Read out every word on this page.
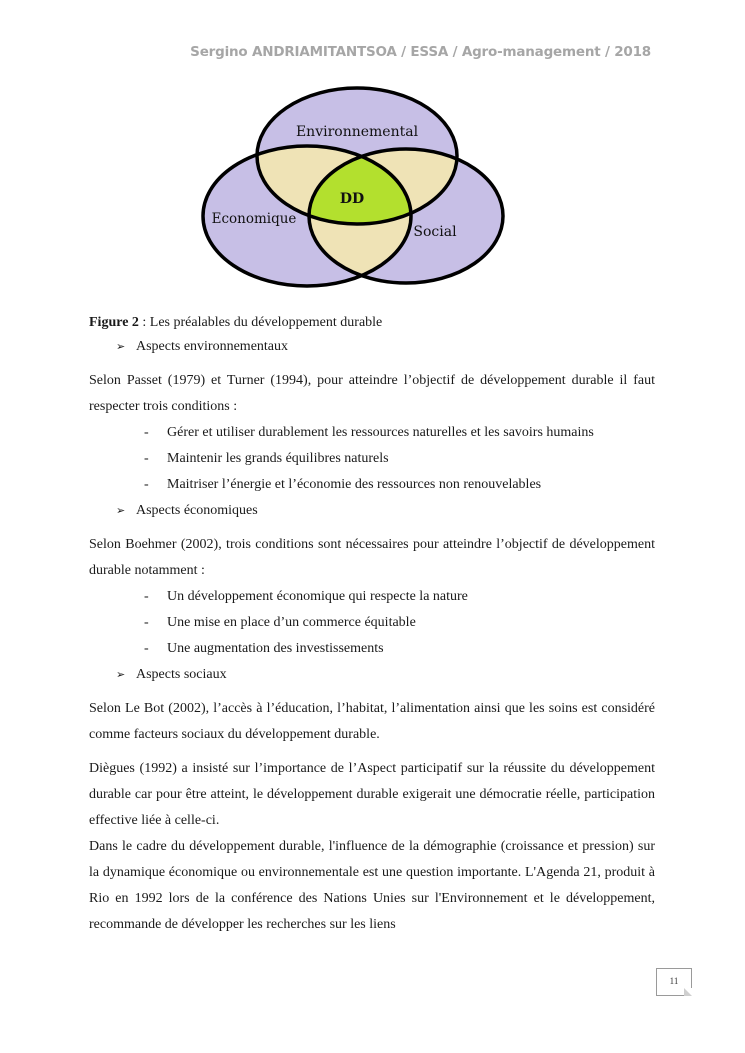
Sergino ANDRIAMITANTSOA / ESSA / Agro-management / 2018
Environnemental
Economique
Social
DD

Figure 2 : Les préalables du développement durable

➢ Aspects environnementaux

Selon Passet (1979) et Turner (1994), pour atteindre l’objectif de développement durable il faut respecter trois conditions :

-	Gérer et utiliser durablement les ressources naturelles et les savoirs humains
-	Maintenir les grands équilibres naturels
-	Maitriser l’énergie et l’économie des ressources non renouvelables
➢ Aspects économiques

Selon Boehmer (2002), trois conditions sont nécessaires pour atteindre l’objectif de développement durable notamment :

-	Un développement économique qui respecte la nature
-	Une mise en place d’un commerce équitable
-	Une augmentation des investissements
➢ Aspects sociaux

Selon Le Bot (2002), l’accès à l’éducation, l’habitat, l’alimentation ainsi que les soins est considéré comme facteurs sociaux du développement durable.

Diègues (1992) a insisté sur l’importance de l’Aspect participatif sur la réussite du développement durable car pour être atteint, le développement durable exigerait une démocratie réelle, participation effective liée à celle-ci.

Dans le cadre du développement durable, l'influence de la démographie (croissance et pression) sur la dynamique économique ou environnementale est une question importante. L'Agenda 21, produit à Rio en 1992 lors de la conférence des Nations Unies sur l'Environnement et le développement, recommande de développer les recherches sur les liens

11
